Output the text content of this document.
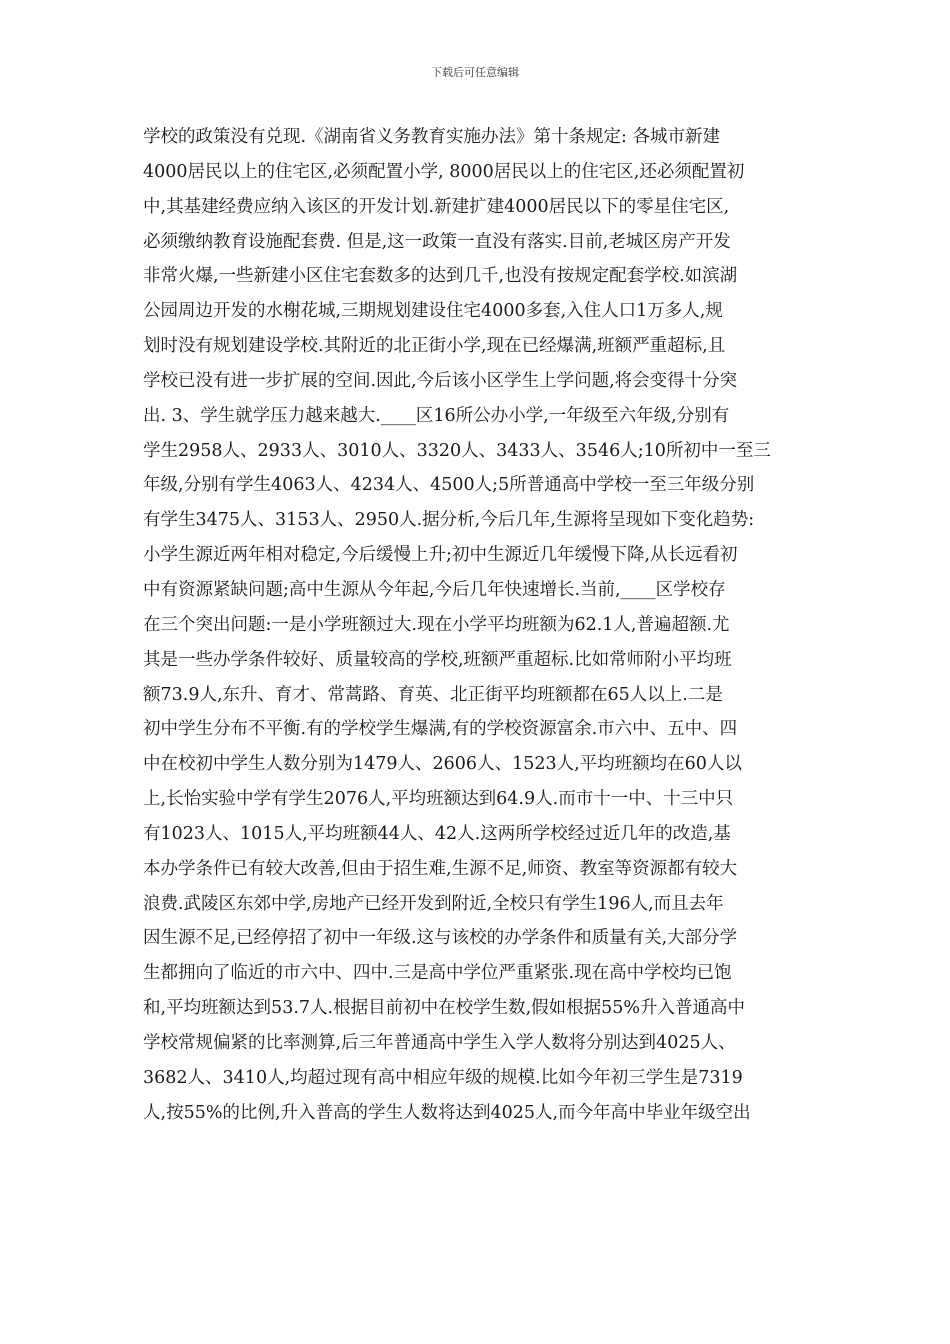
下载后可任意编辑
学校的政策没有兑现.《湖南省义务教育实施办法》第十条规定: 各城市新建
4000居民以上的住宅区,必须配置小学, 8000居民以上的住宅区,还必须配置初
中,其基建经费应纳入该区的开发计划.新建扩建4000居民以下的零星住宅区,
必须缴纳教育设施配套费. 但是,这一政策一直没有落实.目前,老城区房产开发
非常火爆,一些新建小区住宅套数多的达到几千,也没有按规定配套学校.如滨湖
公园周边开发的水榭花城,三期规划建设住宅4000多套,入住人口1万多人,规
划时没有规划建设学校.其附近的北正街小学,现在已经爆满,班额严重超标,且
学校已没有进一步扩展的空间.因此,今后该小区学生上学问题,将会变得十分突
出. 3、学生就学压力越来越大.____区16所公办小学,一年级至六年级,分别有
学生2958人、2933人、3010人、3320人、3433人、3546人;10所初中一至三
年级,分别有学生4063人、4234人、4500人;5所普通高中学校一至三年级分别
有学生3475人、3153人、2950人.据分析,今后几年,生源将呈现如下变化趋势:
小学生源近两年相对稳定,今后缓慢上升;初中生源近几年缓慢下降,从长远看初
中有资源紧缺问题;高中生源从今年起,今后几年快速增长.当前,____区学校存
在三个突出问题:一是小学班额过大.现在小学平均班额为62.1人,普遍超额.尤
其是一些办学条件较好、质量较高的学校,班额严重超标.比如常师附小平均班
额73.9人,东升、育才、常蒿路、育英、北正街平均班额都在65人以上.二是
初中学生分布不平衡.有的学校学生爆满,有的学校资源富余.市六中、五中、四
中在校初中学生人数分别为1479人、2606人、1523人,平均班额均在60人以
上,长怡实验中学有学生2076人,平均班额达到64.9人.而市十一中、十三中只
有1023人、1015人,平均班额44人、42人.这两所学校经过近几年的改造,基
本办学条件已有较大改善,但由于招生难,生源不足,师资、教室等资源都有较大
浪费.武陵区东郊中学,房地产已经开发到附近,全校只有学生196人,而且去年
因生源不足,已经停招了初中一年级.这与该校的办学条件和质量有关,大部分学
生都拥向了临近的市六中、四中.三是高中学位严重紧张.现在高中学校均已饱
和,平均班额达到53.7人.根据目前初中在校学生数,假如根据55%升入普通高中
学校常规偏紧的比率测算,后三年普通高中学生入学人数将分别达到4025人、
3682人、3410人,均超过现有高中相应年级的规模.比如今年初三学生是7319
人,按55%的比例,升入普高的学生人数将达到4025人,而今年高中毕业年级空出
